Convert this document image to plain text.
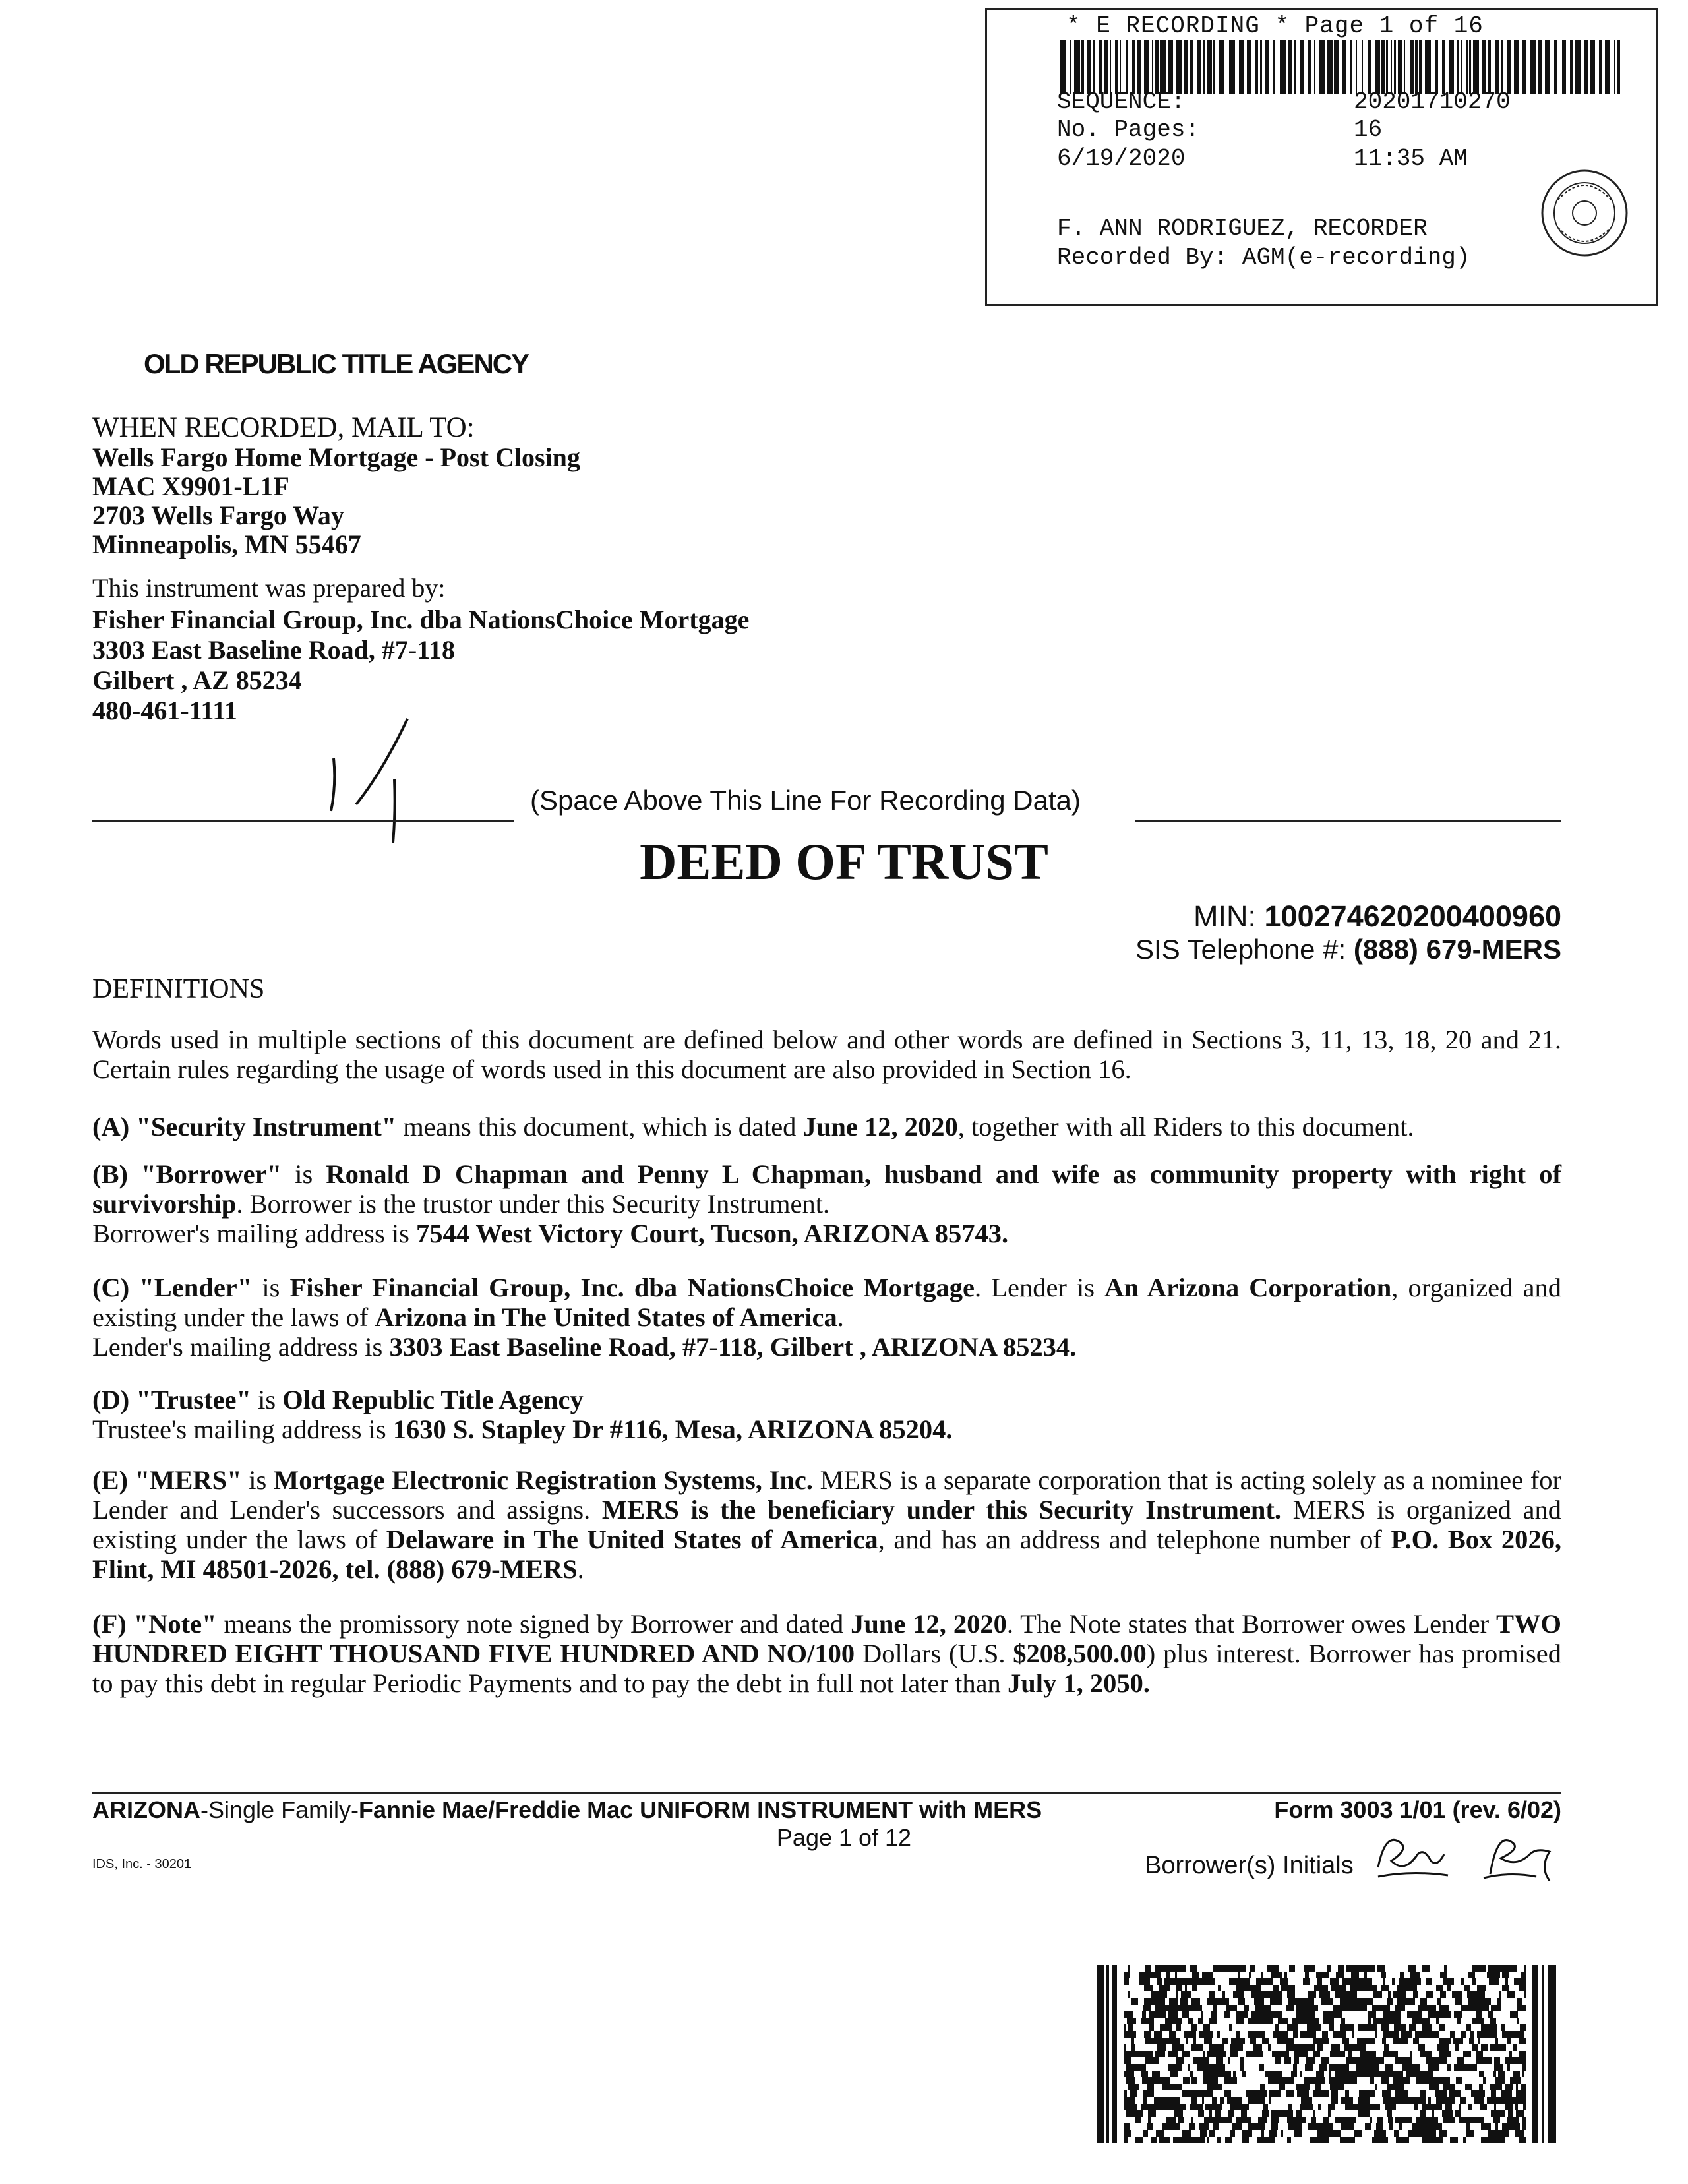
* E RECORDING * Page 1 of 16
SEQUENCE:	20201710270
No. Pages:	16
6/19/2020	11:35 AM
F. ANN RODRIGUEZ, RECORDER
Recorded By: AGM(e-recording)
OLD REPUBLIC TITLE AGENCY
WHEN RECORDED, MAIL TO:
Wells Fargo Home Mortgage - Post Closing
MAC X9901-L1F
2703 Wells Fargo Way
Minneapolis, MN 55467
This instrument was prepared by:
Fisher Financial Group, Inc. dba NationsChoice Mortgage
3303 East Baseline Road, #7-118
Gilbert , AZ 85234
480-461-1111
(Space Above This Line For Recording Data)
DEED OF TRUST
MIN: 100274620200400960
SIS Telephone #: (888) 679-MERS
DEFINITIONS
Words used in multiple sections of this document are defined below and other words are defined in Sections 3, 11, 13, 18, 20 and 21. Certain rules regarding the usage of words used in this document are also provided in Section 16.
(A) "Security Instrument" means this document, which is dated June 12, 2020, together with all Riders to this document.
(B) "Borrower" is Ronald D Chapman and Penny L Chapman, husband and wife as community property with right of survivorship. Borrower is the trustor under this Security Instrument.
Borrower's mailing address is 7544 West Victory Court, Tucson, ARIZONA 85743.
(C) "Lender" is Fisher Financial Group, Inc. dba NationsChoice Mortgage. Lender is An Arizona Corporation, organized and existing under the laws of Arizona in The United States of America.
Lender's mailing address is 3303 East Baseline Road, #7-118, Gilbert , ARIZONA 85234.
(D) "Trustee" is Old Republic Title Agency
Trustee's mailing address is 1630 S. Stapley Dr #116, Mesa, ARIZONA 85204.
(E) "MERS" is Mortgage Electronic Registration Systems, Inc. MERS is a separate corporation that is acting solely as a nominee for Lender and Lender's successors and assigns. MERS is the beneficiary under this Security Instrument. MERS is organized and existing under the laws of Delaware in The United States of America, and has an address and telephone number of P.O. Box 2026, Flint, MI 48501-2026, tel. (888) 679-MERS.
(F) "Note" means the promissory note signed by Borrower and dated June 12, 2020. The Note states that Borrower owes Lender TWO HUNDRED EIGHT THOUSAND FIVE HUNDRED AND NO/100 Dollars (U.S. $208,500.00) plus interest. Borrower has promised to pay this debt in regular Periodic Payments and to pay the debt in full not later than July 1, 2050.
ARIZONA-Single Family-Fannie Mae/Freddie Mac UNIFORM INSTRUMENT with MERS	Form 3003 1/01 (rev. 6/02)
Page 1 of 12
IDS, Inc. - 30201	Borrower(s) Initials
